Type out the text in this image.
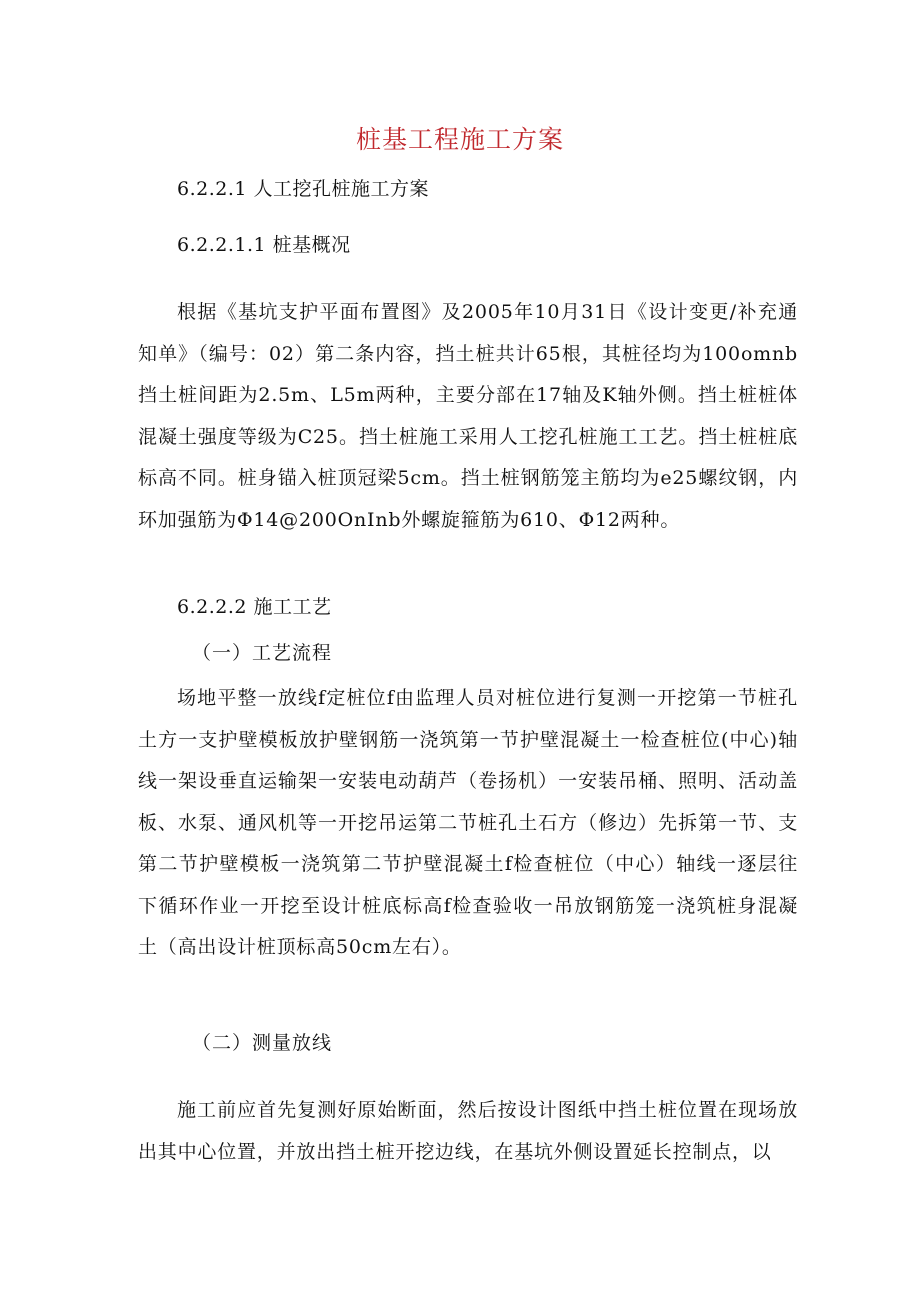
桩基工程施工方案
6.2.2.1 人工挖孔桩施工方案
6.2.2.1.1 桩基概况

根据《基坑支护平面布置图》及2005年10月31日《设计变更/补充通知单》（编号：02）第二条内容，挡土桩共计65根，其桩径均为100omnb挡土桩间距为2.5m、L5m两种，主要分部在17轴及K轴外侧。挡土桩桩体混凝土强度等级为C25。挡土桩施工采用人工挖孔桩施工工艺。挡土桩桩底标高不同。桩身锚入桩顶冠梁5cm。挡土桩钢筋笼主筋均为e25螺纹钢，内环加强筋为Φ14@200OnInb外螺旋箍筋为610、Φ12两种。

6.2.2.2 施工工艺
（一）工艺流程

场地平整一放线f定桩位f由监理人员对桩位进行复测一开挖第一节桩孔土方一支护壁模板放护壁钢筋一浇筑第一节护壁混凝土一检查桩位(中心)轴线一架设垂直运输架一安装电动葫芦（卷扬机）一安装吊桶、照明、活动盖板、水泵、通风机等一开挖吊运第二节桩孔土石方（修边）先拆第一节、支第二节护壁模板一浇筑第二节护壁混凝土f检查桩位（中心）轴线一逐层往下循环作业一开挖至设计桩底标高f检查验收一吊放钢筋笼一浇筑桩身混凝土（高出设计桩顶标高50cm左右）。

（二）测量放线

施工前应首先复测好原始断面，然后按设计图纸中挡土桩位置在现场放出其中心位置，并放出挡土桩开挖边线，在基坑外侧设置延长控制点，以
